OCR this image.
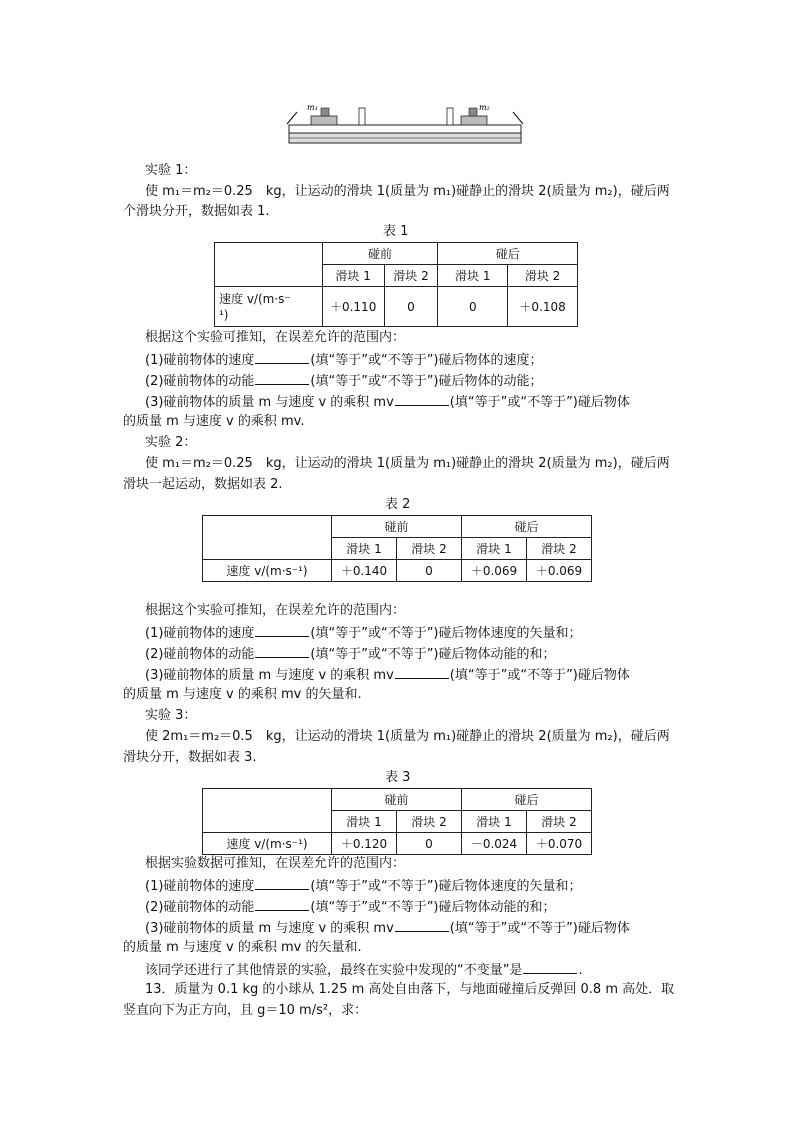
m₁	m₂
实验 1：
使 m₁＝m₂＝0.25　kg，让运动的滑块 1(质量为 m₁)碰静止的滑块 2(质量为 m₂)，碰后两
个滑块分开，数据如表 1.
表 1
	碰前		碰后	
	滑块 1	滑块 2	滑块 1	滑块 2
速度 v/(m·s⁻
¹)	＋0.110	0	0	＋0.108
根据这个实验可推知，在误差允许的范围内：
(1)碰前物体的速度	(填“等于”或“不等于”)碰后物体的速度；
(2)碰前物体的动能	(填“等于”或“不等于”)碰后物体的动能；
(3)碰前物体的质量 m 与速度 v 的乘积 mv	(填“等于”或“不等于”)碰后物体
的质量 m 与速度 v 的乘积 mv.
实验 2：
使 m₁＝m₂＝0.25　kg，让运动的滑块 1(质量为 m₁)碰静止的滑块 2(质量为 m₂)，碰后两
滑块一起运动，数据如表 2.
表 2
	碰前		碰后	
	滑块 1	滑块 2	滑块 1	滑块 2
速度 v/(m·s⁻¹)	＋0.140	0	＋0.069	＋0.069
根据这个实验可推知，在误差允许的范围内：
(1)碰前物体的速度	(填“等于”或“不等于”)碰后物体速度的矢量和；
(2)碰前物体的动能	(填“等于”或“不等于”)碰后物体动能的和；
(3)碰前物体的质量 m 与速度 v 的乘积 mv	(填“等于”或“不等于”)碰后物体
的质量 m 与速度 v 的乘积 mv 的矢量和.
实验 3：
使 2m₁＝m₂＝0.5　kg，让运动的滑块 1(质量为 m₁)碰静止的滑块 2(质量为 m₂)，碰后两
滑块分开，数据如表 3.
表 3
	碰前		碰后	
	滑块 1	滑块 2	滑块 1	滑块 2
速度 v/(m·s⁻¹)	＋0.120	0	－0.024	＋0.070
根据实验数据可推知，在误差允许的范围内：
(1)碰前物体的速度	(填“等于”或“不等于”)碰后物体速度的矢量和；
(2)碰前物体的动能	(填“等于”或“不等于”)碰后物体动能的和；
(3)碰前物体的质量 m 与速度 v 的乘积 mv	(填“等于”或“不等于”)碰后物体
的质量 m 与速度 v 的乘积 mv 的矢量和.
该同学还进行了其他情景的实验，最终在实验中发现的“不变量”是	.
13．质量为 0.1 kg 的小球从 1.25 m 高处自由落下，与地面碰撞后反弹回 0.8 m 高处．取
竖直向下为正方向，且 g＝10 m/s²，求：
